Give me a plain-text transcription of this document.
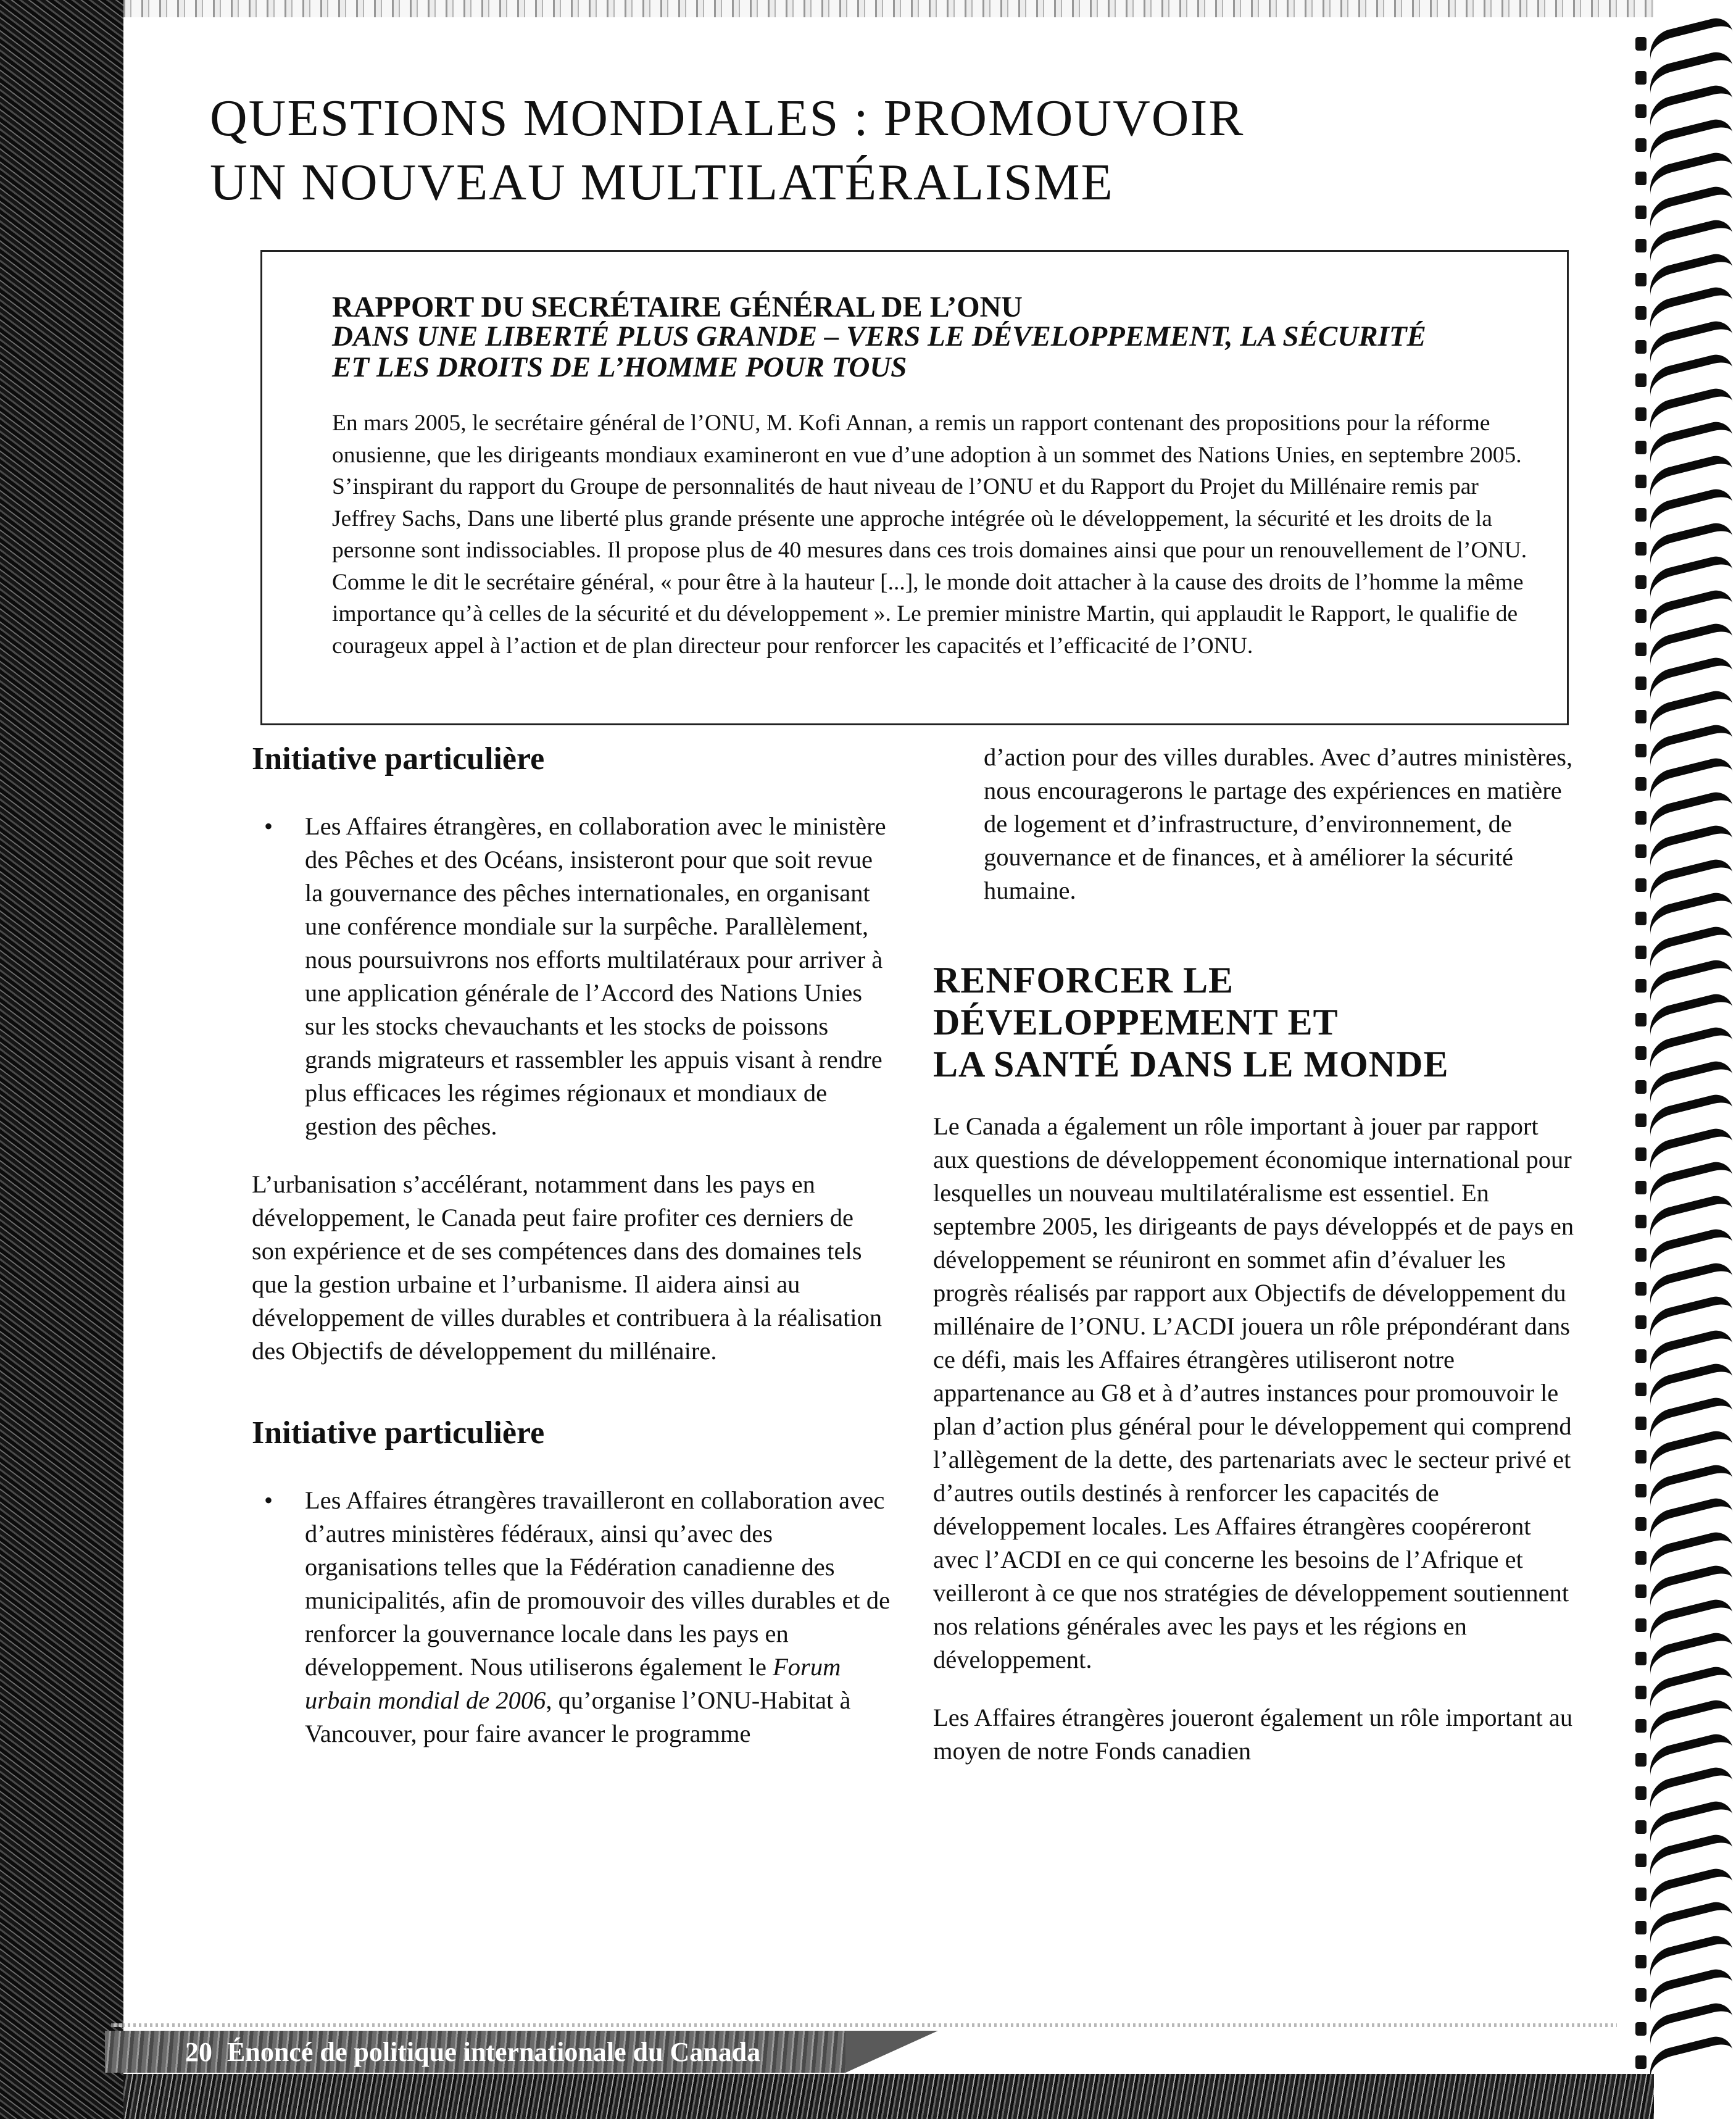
QUESTIONS MONDIALES : PROMOUVOIR
UN NOUVEAU MULTILATÉRALISME
RAPPORT DU SECRÉTAIRE GÉNÉRAL DE L’ONU
DANS UNE LIBERTÉ PLUS GRANDE – VERS LE DÉVELOPPEMENT, LA SÉCURITÉ
ET LES DROITS DE L’HOMME POUR TOUS

En mars 2005, le secrétaire général de l’ONU, M. Kofi Annan, a remis un rapport contenant des propositions pour la réforme onusienne, que les dirigeants mondiaux examineront en vue d’une adoption à un sommet des Nations Unies, en septembre 2005. S’inspirant du rapport du Groupe de personnalités de haut niveau de l’ONU et du Rapport du Projet du Millénaire remis par Jeffrey Sachs, Dans une liberté plus grande présente une approche intégrée où le développement, la sécurité et les droits de la personne sont indissociables. Il propose plus de 40 mesures dans ces trois domaines ainsi que pour un renouvellement de l’ONU. Comme le dit le secrétaire général, « pour être à la hauteur [...], le monde doit attacher à la cause des droits de l’homme la même importance qu’à celles de la sécurité et du développement ». Le premier ministre Martin, qui applaudit le Rapport, le qualifie de courageux appel à l’action et de plan directeur pour renforcer les capacités et l’efficacité de l’ONU.

Initiative particulière

• Les Affaires étrangères, en collaboration avec le ministère des Pêches et des Océans, insisteront pour que soit revue la gouvernance des pêches internationales, en organisant une conférence mondiale sur la surpêche. Parallèlement, nous poursuivrons nos efforts multilatéraux pour arriver à une application générale de l’Accord des Nations Unies sur les stocks chevauchants et les stocks de poissons grands migrateurs et rassembler les appuis visant à rendre plus efficaces les régimes régionaux et mondiaux de gestion des pêches.

L’urbanisation s’accélérant, notamment dans les pays en développement, le Canada peut faire profiter ces derniers de son expérience et de ses compétences dans des domaines tels que la gestion urbaine et l’urbanisme. Il aidera ainsi au développement de villes durables et contribuera à la réalisation des Objectifs de développement du millénaire.

Initiative particulière

• Les Affaires étrangères travailleront en collaboration avec d’autres ministères fédéraux, ainsi qu’avec des organisations telles que la Fédération canadienne des municipalités, afin de promouvoir des villes durables et de renforcer la gouvernance locale dans les pays en développement. Nous utiliserons également le Forum urbain mondial de 2006, qu’organise l’ONU-Habitat à Vancouver, pour faire avancer le programme

d’action pour des villes durables. Avec d’autres ministères, nous encouragerons le partage des expériences en matière de logement et d’infrastructure, d’environnement, de gouvernance et de finances, et à améliorer la sécurité humaine.

RENFORCER LE
DÉVELOPPEMENT ET
LA SANTÉ DANS LE MONDE

Le Canada a également un rôle important à jouer par rapport aux questions de développement économique international pour lesquelles un nouveau multilatéralisme est essentiel. En septembre 2005, les dirigeants de pays développés et de pays en développement se réuniront en sommet afin d’évaluer les progrès réalisés par rapport aux Objectifs de développement du millénaire de l’ONU. L’ACDI jouera un rôle prépondérant dans ce défi, mais les Affaires étrangères utiliseront notre appartenance au G8 et à d’autres instances pour promouvoir le plan d’action plus général pour le développement qui comprend l’allègement de la dette, des partenariats avec le secteur privé et d’autres outils destinés à renforcer les capacités de développement locales. Les Affaires étrangères coopéreront avec l’ACDI en ce qui concerne les besoins de l’Afrique et veilleront à ce que nos stratégies de développement soutiennent nos relations générales avec les pays et les régions en développement.

Les Affaires étrangères joueront également un rôle important au moyen de notre Fonds canadien

20 Énoncé de politique internationale du Canada
